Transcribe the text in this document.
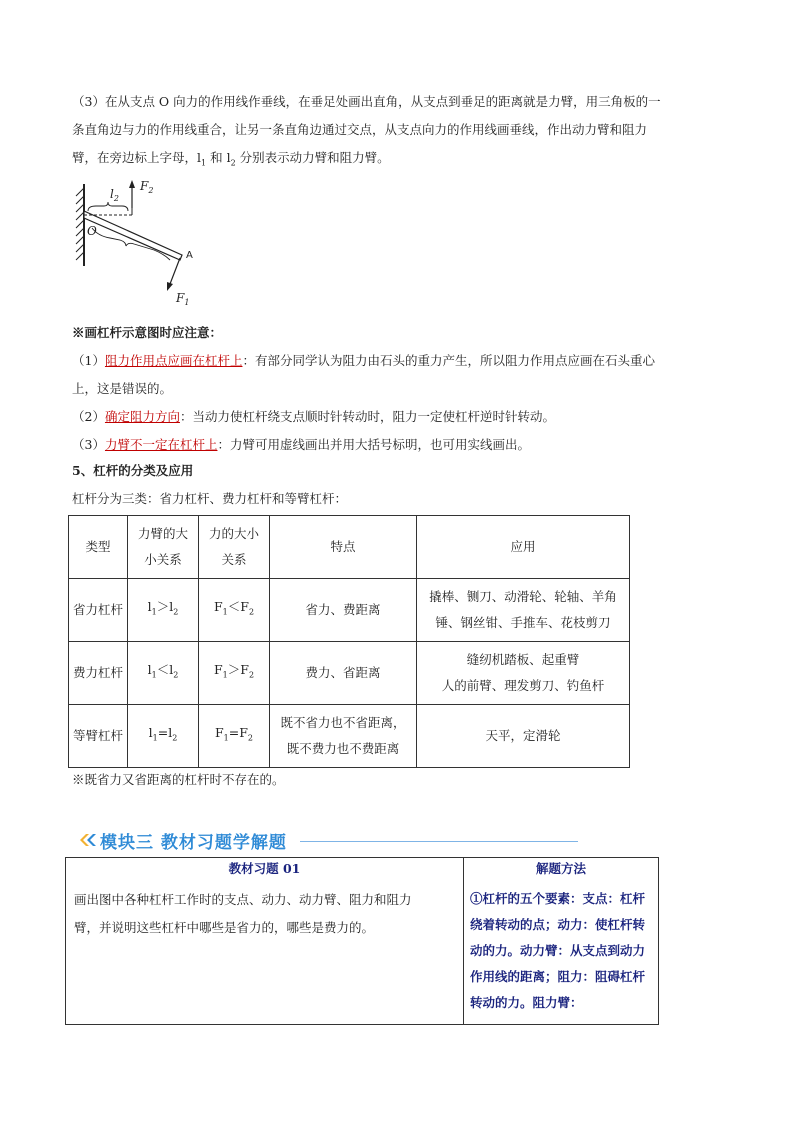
（3）在从支点 O 向力的作用线作垂线，在垂足处画出直角，从支点到垂足的距离就是力臂，用三角板的一
条直角边与力的作用线重合，让另一条直角边通过交点，从支点向力的作用线画垂线，作出动力臂和阻力
臂，在旁边标上字母，$l_1$ 和 $l_2$ 分别表示动力臂和阻力臂。
$l_2$
$F_2$
O
A
$F_1$
※画杠杆示意图时应注意：
（1）阻力作用点应画在杠杆上：有部分同学认为阻力由石头的重力产生，所以阻力作用点应画在石头重心
上，这是错误的。
（2）确定阻力方向：当动力使杠杆绕支点顺时针转动时，阻力一定使杠杆逆时针转动。
（3）力臂不一定在杠杆上：力臂可用虚线画出并用大括号标明，也可用实线画出。
5、杠杆的分类及应用
杠杆分为三类：省力杠杆、费力杠杆和等臂杠杆：
类型	力臂的大小关系	力的大小关系	特点	应用
省力杠杆	$l_1>l_2$	$F_1<F_2$	省力、费距离	撬棒、铡刀、动滑轮、轮轴、羊角
锤、钢丝钳、手推车、花枝剪刀

费力杠杆	$l_1<l_2$	$F_1>F_2$	费力、省距离	缝纫机踏板、起重臂
人的前臂、理发剪刀、钓鱼杆

等臂杠杆	$l_1=l_2$	$F_1=F_2$	既不省力也不省距离，
既不费力也不费距离	天平，定滑轮
※既省力又省距离的杠杆时不存在的。
模块三 教材习题学解题
教材习题 01
画出图中各种杠杆工作时的支点、动力、动力臂、阻力和阻力臂，并说明这些杠杆中哪些是省力的，哪些是费力的。
解题方法
①杠杆的五个要素：支点：杠杆绕着转动的点；动力：使杠杆转动的力。动力臂：从支点到动力作用线的距离；阻力：阻碍杠杆转动的力。阻力臂：
